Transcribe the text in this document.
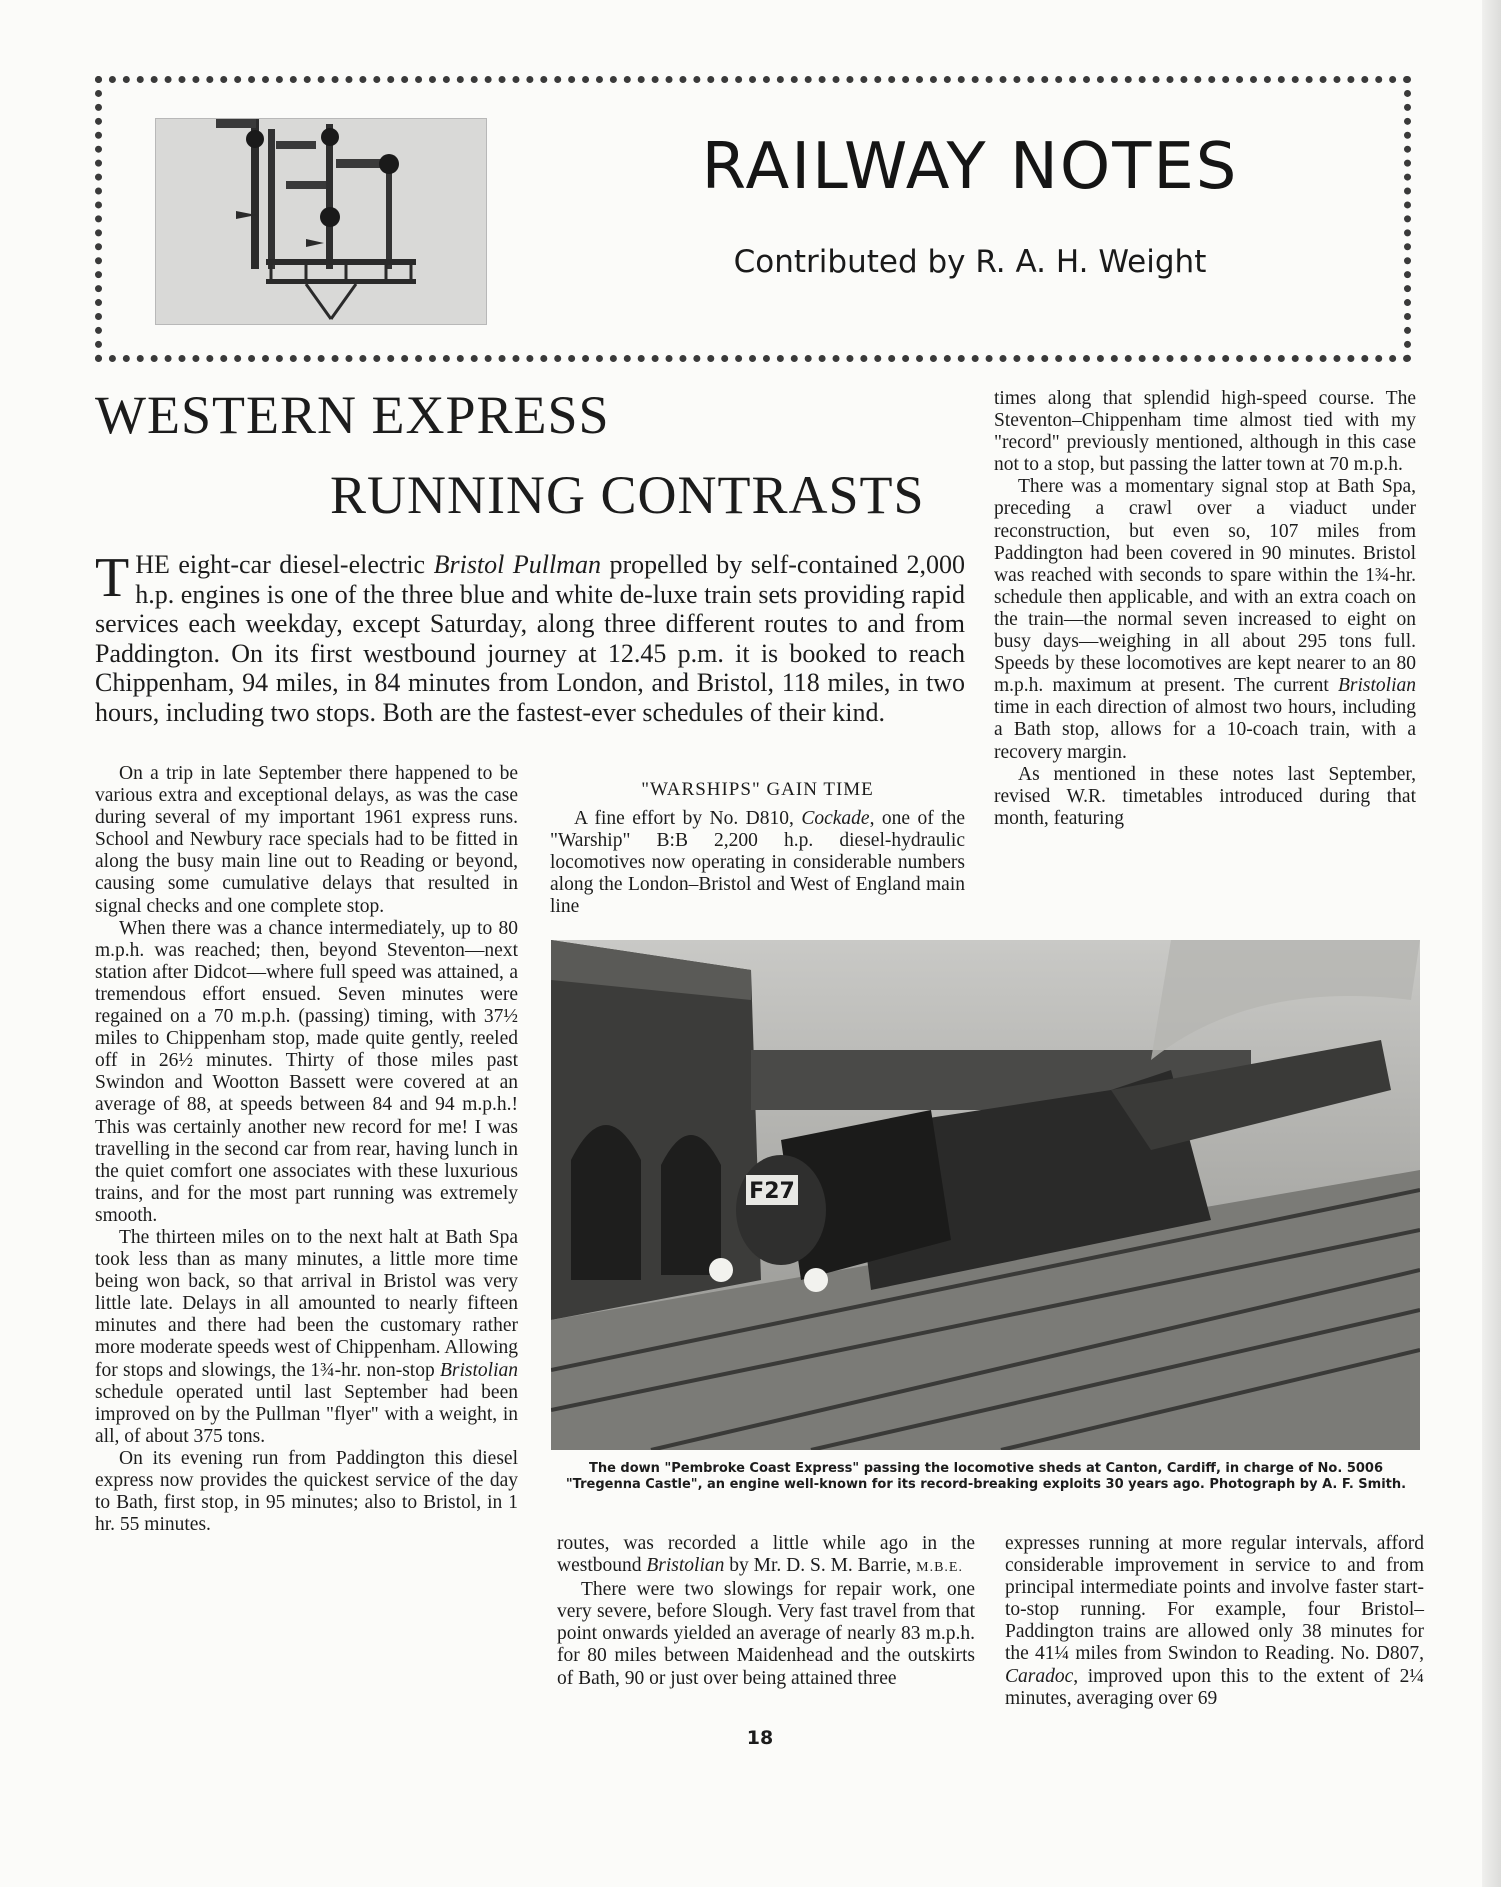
RAILWAY NOTES
Contributed by R. A. H. Weight
WESTERN EXPRESS
RUNNING CONTRASTS
THE eight-car diesel-electric Bristol Pullman propelled by self-contained 2,000 h.p. engines is one of the three blue and white de-luxe train sets providing rapid services each weekday, except Saturday, along three different routes to and from Paddington. On its first westbound journey at 12.45 p.m. it is booked to reach Chippenham, 94 miles, in 84 minutes from London, and Bristol, 118 miles, in two hours, including two stops. Both are the fastest-ever schedules of their kind.

On a trip in late September there happened to be various extra and exceptional delays, as was the case during several of my important 1961 express runs. School and Newbury race specials had to be fitted in along the busy main line out to Reading or beyond, causing some cumulative delays that resulted in signal checks and one complete stop.

When there was a chance intermediately, up to 80 m.p.h. was reached; then, beyond Steventon—next station after Didcot—where full speed was attained, a tremendous effort ensued. Seven minutes were regained on a 70 m.p.h. (passing) timing, with 37½ miles to Chippenham stop, made quite gently, reeled off in 26½ minutes. Thirty of those miles past Swindon and Wootton Bassett were covered at an average of 88, at speeds between 84 and 94 m.p.h.! This was certainly another new record for me! I was travelling in the second car from rear, having lunch in the quiet comfort one associates with these luxurious trains, and for the most part running was extremely smooth.

The thirteen miles on to the next halt at Bath Spa took less than as many minutes, a little more time being won back, so that arrival in Bristol was very little late. Delays in all amounted to nearly fifteen minutes and there had been the customary rather more moderate speeds west of Chippenham. Allowing for stops and slowings, the 1¾-hr. non-stop Bristolian schedule operated until last September had been improved on by the Pullman "flyer" with a weight, in all, of about 375 tons.

On its evening run from Paddington this diesel express now provides the quickest service of the day to Bath, first stop, in 95 minutes; also to Bristol, in 1 hr. 55 minutes.

"WARSHIPS" GAIN TIME

A fine effort by No. D810, Cockade, one of the "Warship" B:B 2,200 h.p. diesel-hydraulic locomotives now operating in considerable numbers along the London–Bristol and West of England main line

times along that splendid high-speed course. The Steventon–Chippenham time almost tied with my "record" previously mentioned, although in this case not to a stop, but passing the latter town at 70 m.p.h.

There was a momentary signal stop at Bath Spa, preceding a crawl over a viaduct under reconstruction, but even so, 107 miles from Paddington had been covered in 90 minutes. Bristol was reached with seconds to spare within the 1¾-hr. schedule then applicable, and with an extra coach on the train—the normal seven increased to eight on busy days—weighing in all about 295 tons full. Speeds by these locomotives are kept nearer to an 80 m.p.h. maximum at present. The current Bristolian time in each direction of almost two hours, including a Bath stop, allows for a 10-coach train, with a recovery margin.

As mentioned in these notes last September, revised W.R. timetables introduced during that month, featuring

F27
The down "Pembroke Coast Express" passing the locomotive sheds at Canton, Cardiff, in charge of No. 5006 "Tregenna Castle", an engine well-known for its record-breaking exploits 30 years ago. Photograph by A. F. Smith.

routes, was recorded a little while ago in the westbound Bristolian by Mr. D. S. M. Barrie, M.B.E.

There were two slowings for repair work, one very severe, before Slough. Very fast travel from that point onwards yielded an average of nearly 83 m.p.h. for 80 miles between Maidenhead and the outskirts of Bath, 90 or just over being attained three

expresses running at more regular intervals, afford considerable improvement in service to and from principal intermediate points and involve faster start-to-stop running. For example, four Bristol–Paddington trains are allowed only 38 minutes for the 41¼ miles from Swindon to Reading. No. D807, Caradoc, improved upon this to the extent of 2¼ minutes, averaging over 69

18
